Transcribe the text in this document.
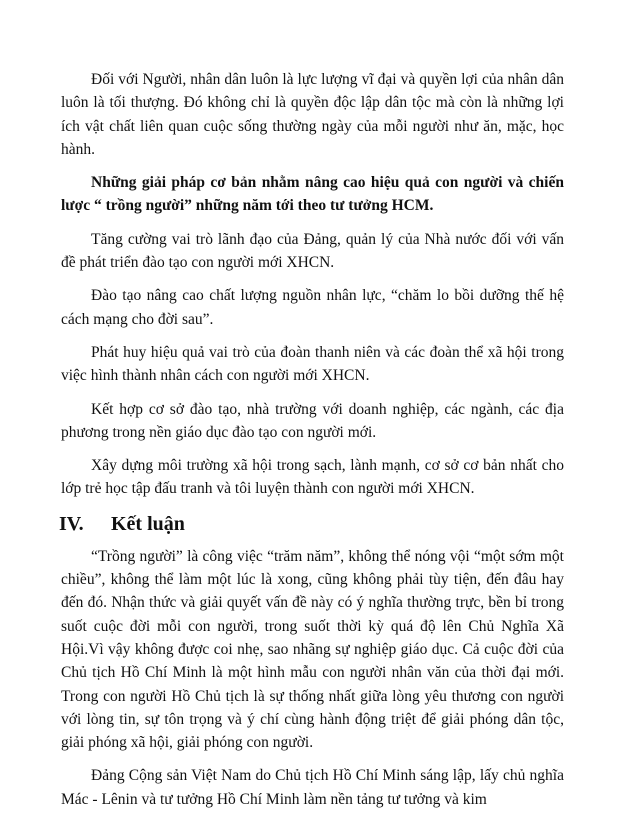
Đối với Người, nhân dân luôn là lực lượng vĩ đại và quyền lợi của nhân dân luôn là tối thượng. Đó không chỉ là quyền độc lập dân tộc mà còn là những lợi ích vật chất liên quan cuộc sống thường ngày của mỗi người như ăn, mặc, học hành.

Những giải pháp cơ bản nhằm nâng cao hiệu quả con người và chiến lược “ trồng người” những năm tới theo tư tưởng HCM.

Tăng cường vai trò lãnh đạo của Đảng, quản lý của Nhà nước đối với vấn đề phát triển đào tạo con người mới XHCN.

Đào tạo nâng cao chất lượng nguồn nhân lực, “chăm lo bồi dưỡng thế hệ cách mạng cho đời sau”.

Phát huy hiệu quả vai trò của đoàn thanh niên và các đoàn thể xã hội trong việc hình thành nhân cách con người mới XHCN.

Kết hợp cơ sở đào tạo, nhà trường với doanh nghiệp, các ngành, các địa phương trong nền giáo dục đào tạo con người mới.

Xây dựng môi trường xã hội trong sạch, lành mạnh, cơ sở cơ bản nhất cho lớp trẻ học tập đấu tranh và tôi luyện thành con người mới XHCN.

IV.	Kết luận

“Trồng người” là công việc “trăm năm”, không thể nóng vội “một sớm một chiều”, không thể làm một lúc là xong, cũng không phải tùy tiện, đến đâu hay đến đó. Nhận thức và giải quyết vấn đề này có ý nghĩa thường trực, bền bỉ trong suốt cuộc đời mỗi con người, trong suốt thời kỳ quá độ lên Chủ Nghĩa Xã Hội.Vì vậy không được coi nhẹ, sao nhãng sự nghiệp giáo dục. Cả cuộc đời của Chủ tịch Hồ Chí Minh là một hình mẫu con người nhân văn của thời đại mới. Trong con người Hồ Chủ tịch là sự thống nhất giữa lòng yêu thương con người với lòng tin, sự tôn trọng và ý chí cùng hành động triệt để giải phóng dân tộc, giải phóng xã hội, giải phóng con người.

Đảng Cộng sản Việt Nam do Chủ tịch Hồ Chí Minh sáng lập, lấy chủ nghĩa Mác - Lênin và tư tưởng Hồ Chí Minh làm nền tảng tư tưởng và kim
